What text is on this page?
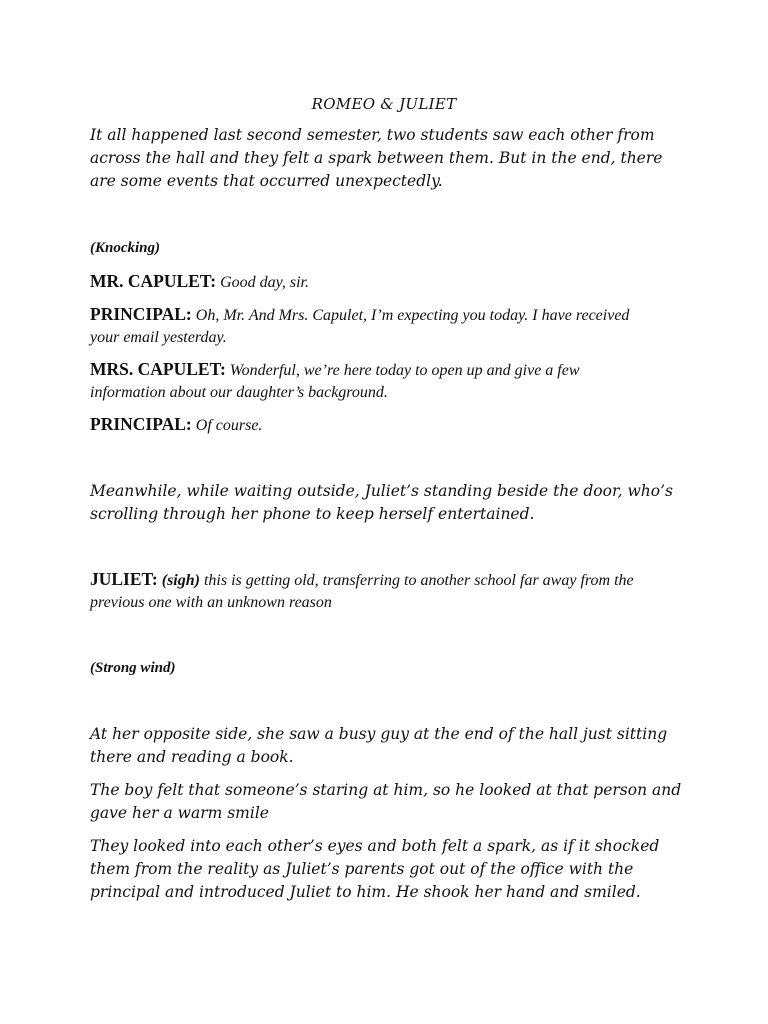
ROMEO & JULIET

It all happened last second semester, two students saw each other from across the hall and they felt a spark between them. But in the end, there are some events that occurred unexpectedly.

(Knocking)

MR. CAPULET: Good day, sir.

PRINCIPAL: Oh, Mr. And Mrs. Capulet, I’m expecting you today. I have received your email yesterday.

MRS. CAPULET: Wonderful, we’re here today to open up and give a few information about our daughter’s background.

PRINCIPAL: Of course.

Meanwhile, while waiting outside, Juliet’s standing beside the door, who’s scrolling through her phone to keep herself entertained.

JULIET: (sigh) this is getting old, transferring to another school far away from the previous one with an unknown reason

(Strong wind)

At her opposite side, she saw a busy guy at the end of the hall just sitting there and reading a book.

The boy felt that someone’s staring at him, so he looked at that person and gave her a warm smile

They looked into each other’s eyes and both felt a spark, as if it shocked them from the reality as Juliet’s parents got out of the office with the principal and introduced Juliet to him. He shook her hand and smiled.
